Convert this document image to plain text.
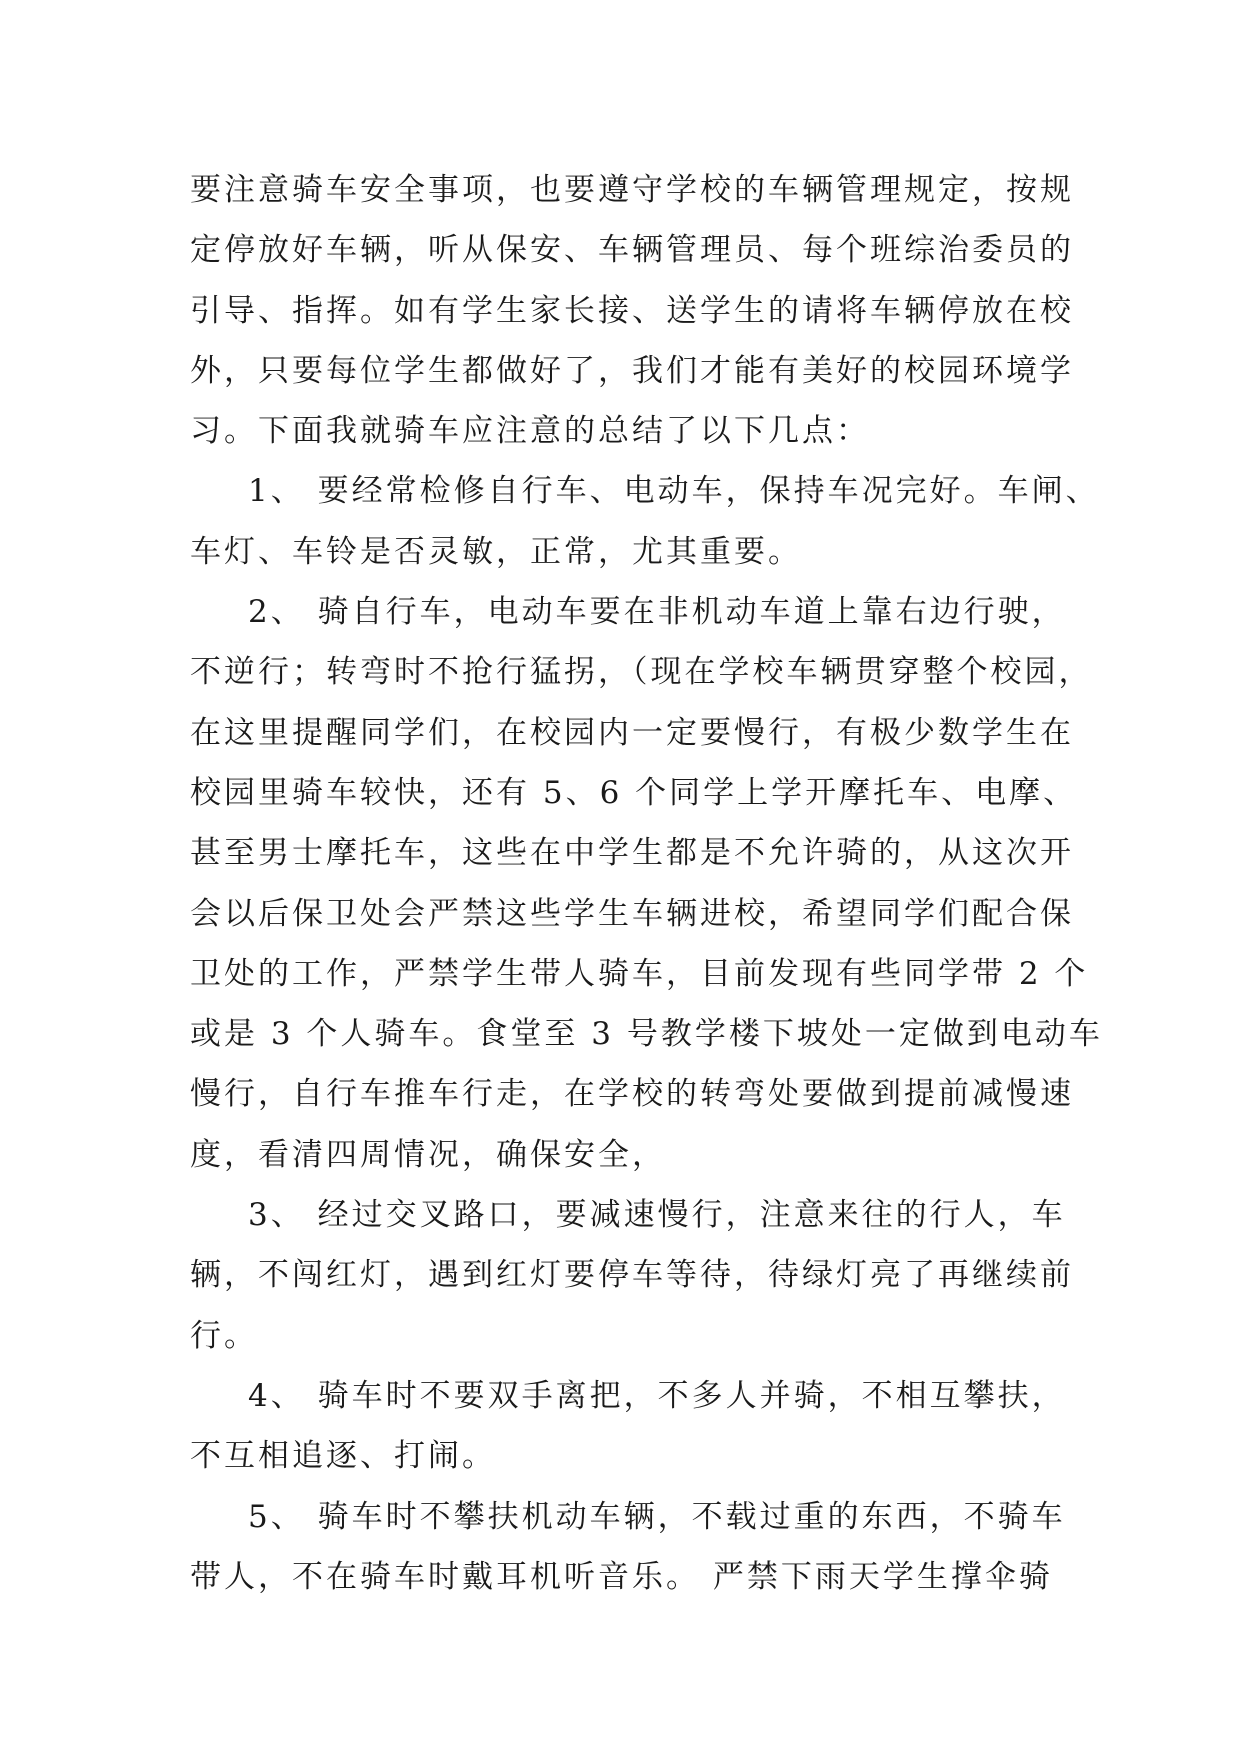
要注意骑车安全事项，也要遵守学校的车辆管理规定，按规
定停放好车辆，听从保安、车辆管理员、每个班综治委员的
引导、指挥。如有学生家长接、送学生的请将车辆停放在校
外，只要每位学生都做好了，我们才能有美好的校园环境学
习。下面我就骑车应注意的总结了以下几点：
1、 要经常检修自行车、电动车，保持车况完好。车闸、
车灯、车铃是否灵敏，正常，尤其重要。
2、 骑自行车，电动车要在非机动车道上靠右边行驶，
不逆行；转弯时不抢行猛拐，（现在学校车辆贯穿整个校园，
在这里提醒同学们，在校园内一定要慢行，有极少数学生在
校园里骑车较快，还有 5、6 个同学上学开摩托车、电摩、
甚至男士摩托车，这些在中学生都是不允许骑的，从这次开
会以后保卫处会严禁这些学生车辆进校，希望同学们配合保
卫处的工作，严禁学生带人骑车，目前发现有些同学带 2 个
或是 3 个人骑车。食堂至 3 号教学楼下坡处一定做到电动车
慢行，自行车推车行走，在学校的转弯处要做到提前减慢速
度，看清四周情况，确保安全，
3、 经过交叉路口，要减速慢行，注意来往的行人，车
辆，不闯红灯，遇到红灯要停车等待，待绿灯亮了再继续前
行。
4、 骑车时不要双手离把，不多人并骑，不相互攀扶，
不互相追逐、打闹。
5、 骑车时不攀扶机动车辆，不载过重的东西，不骑车
带人，不在骑车时戴耳机听音乐。 严禁下雨天学生撑伞骑
